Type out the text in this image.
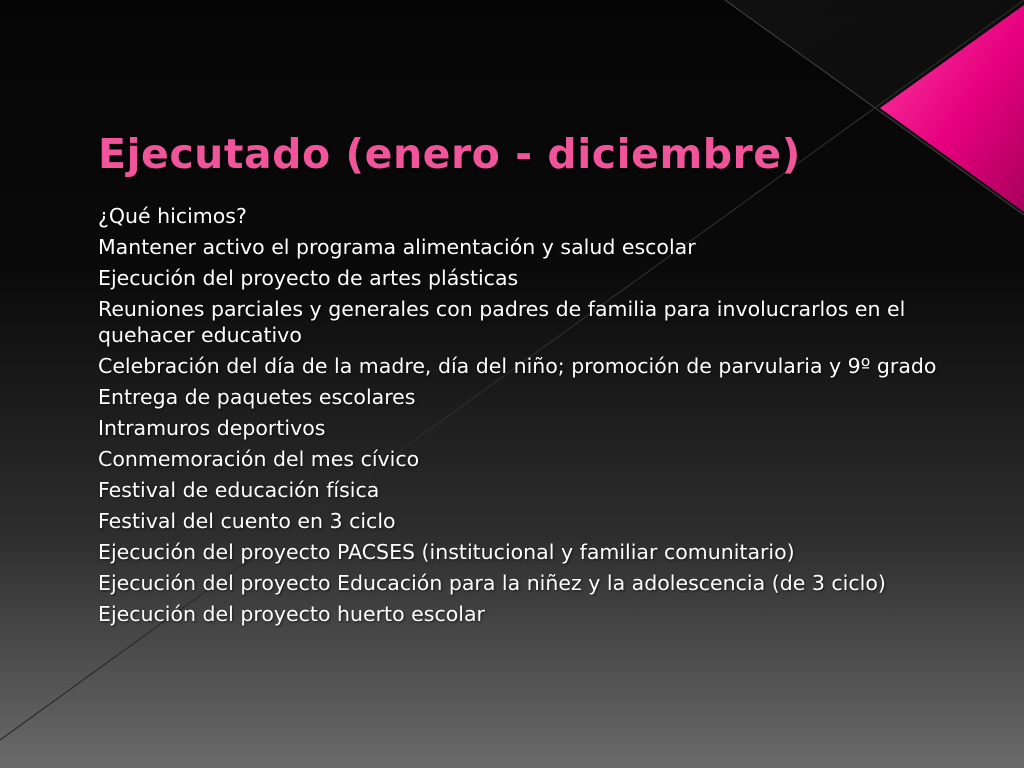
Ejecutado (enero - diciembre)
¿Qué hicimos?
Mantener activo el programa alimentación y salud escolar
Ejecución del proyecto de artes plásticas
Reuniones parciales y generales con padres de familia para involucrarlos en el quehacer educativo
Celebración del día de la madre, día del niño; promoción de parvularia y 9º grado
Entrega de paquetes escolares
Intramuros deportivos
Conmemoración del mes cívico
Festival de educación física
Festival del cuento en 3 ciclo
Ejecución del proyecto PACSES (institucional y familiar comunitario)
Ejecución del proyecto Educación para la niñez y la adolescencia (de 3 ciclo)
Ejecución del proyecto huerto escolar
